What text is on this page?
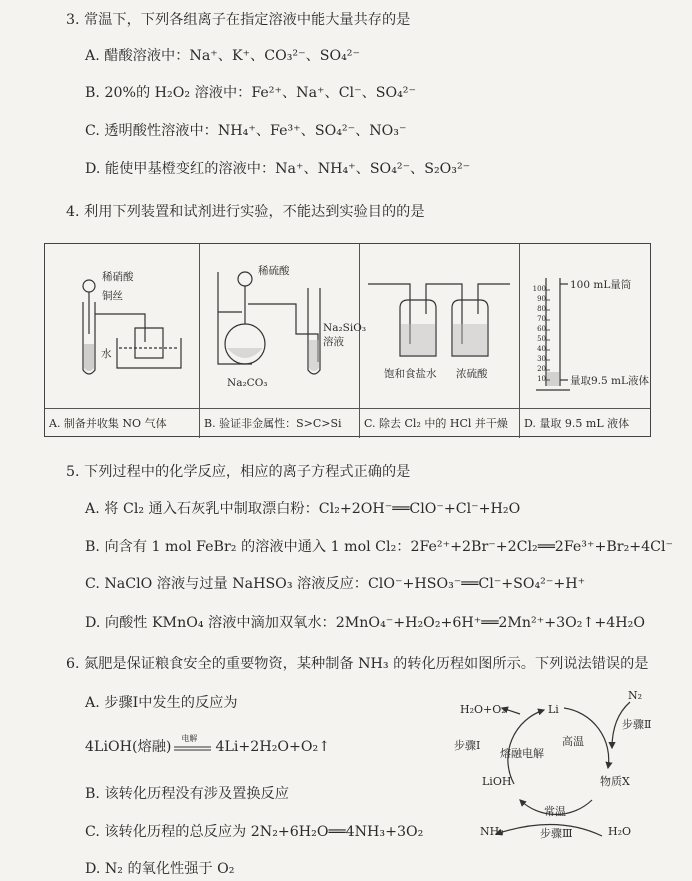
3. 常温下，下列各组离子在指定溶液中能大量共存的是
A. 醋酸溶液中：Na⁺、K⁺、CO₃²⁻、SO₄²⁻
B. 20%的 H₂O₂ 溶液中：Fe²⁺、Na⁺、Cl⁻、SO₄²⁻
C. 透明酸性溶液中：NH₄⁺、Fe³⁺、SO₄²⁻、NO₃⁻
D. 能使甲基橙变红的溶液中：Na⁺、NH₄⁺、SO₄²⁻、S₂O₃²⁻
4. 利用下列装置和试剂进行实验，不能达到实验目的的是
稀硝酸
铜丝
水
A. 制备并收集 NO 气体
稀硫酸
Na₂SiO₃
溶液
Na₂CO₃
B. 验证非金属性：S>C>Si
饱和食盐水 浓硫酸
C. 除去 Cl₂ 中的 HCl 并干燥
100
90
80
70
60
50
40
30
20
10
100 mL量筒
量取9.5 mL液体
D. 量取 9.5 mL 液体
5. 下列过程中的化学反应，相应的离子方程式正确的是
A. 将 Cl₂ 通入石灰乳中制取漂白粉：Cl₂+2OH⁻══ClO⁻+Cl⁻+H₂O
B. 向含有 1 mol FeBr₂ 的溶液中通入 1 mol Cl₂：2Fe²⁺+2Br⁻+2Cl₂══2Fe³⁺+Br₂+4Cl⁻
C. NaClO 溶液与过量 NaHSO₃ 溶液反应：ClO⁻+HSO₃⁻══Cl⁻+SO₄²⁻+H⁺
D. 向酸性 KMnO₄ 溶液中滴加双氧水：2MnO₄⁻+H₂O₂+6H⁺══2Mn²⁺+3O₂↑+4H₂O
6. 氮肥是保证粮食安全的重要物资，某种制备 NH₃ 的转化历程如图所示。下列说法错误的是
A. 步骤Ⅰ中发生的反应为
4LiOH(熔融)
电解
4Li+2H₂O+O₂↑
B. 该转化历程没有涉及置换反应
C. 该转化历程的总反应为 2N₂+6H₂O══4NH₃+3O₂
D. N₂ 的氧化性强于 O₂
H₂O+O₂	Li
N₂
步骤Ⅱ
高温
物质X
步骤Ⅰ
熔融电解
LiOH
常温
NH₃	步骤Ⅲ	H₂O
